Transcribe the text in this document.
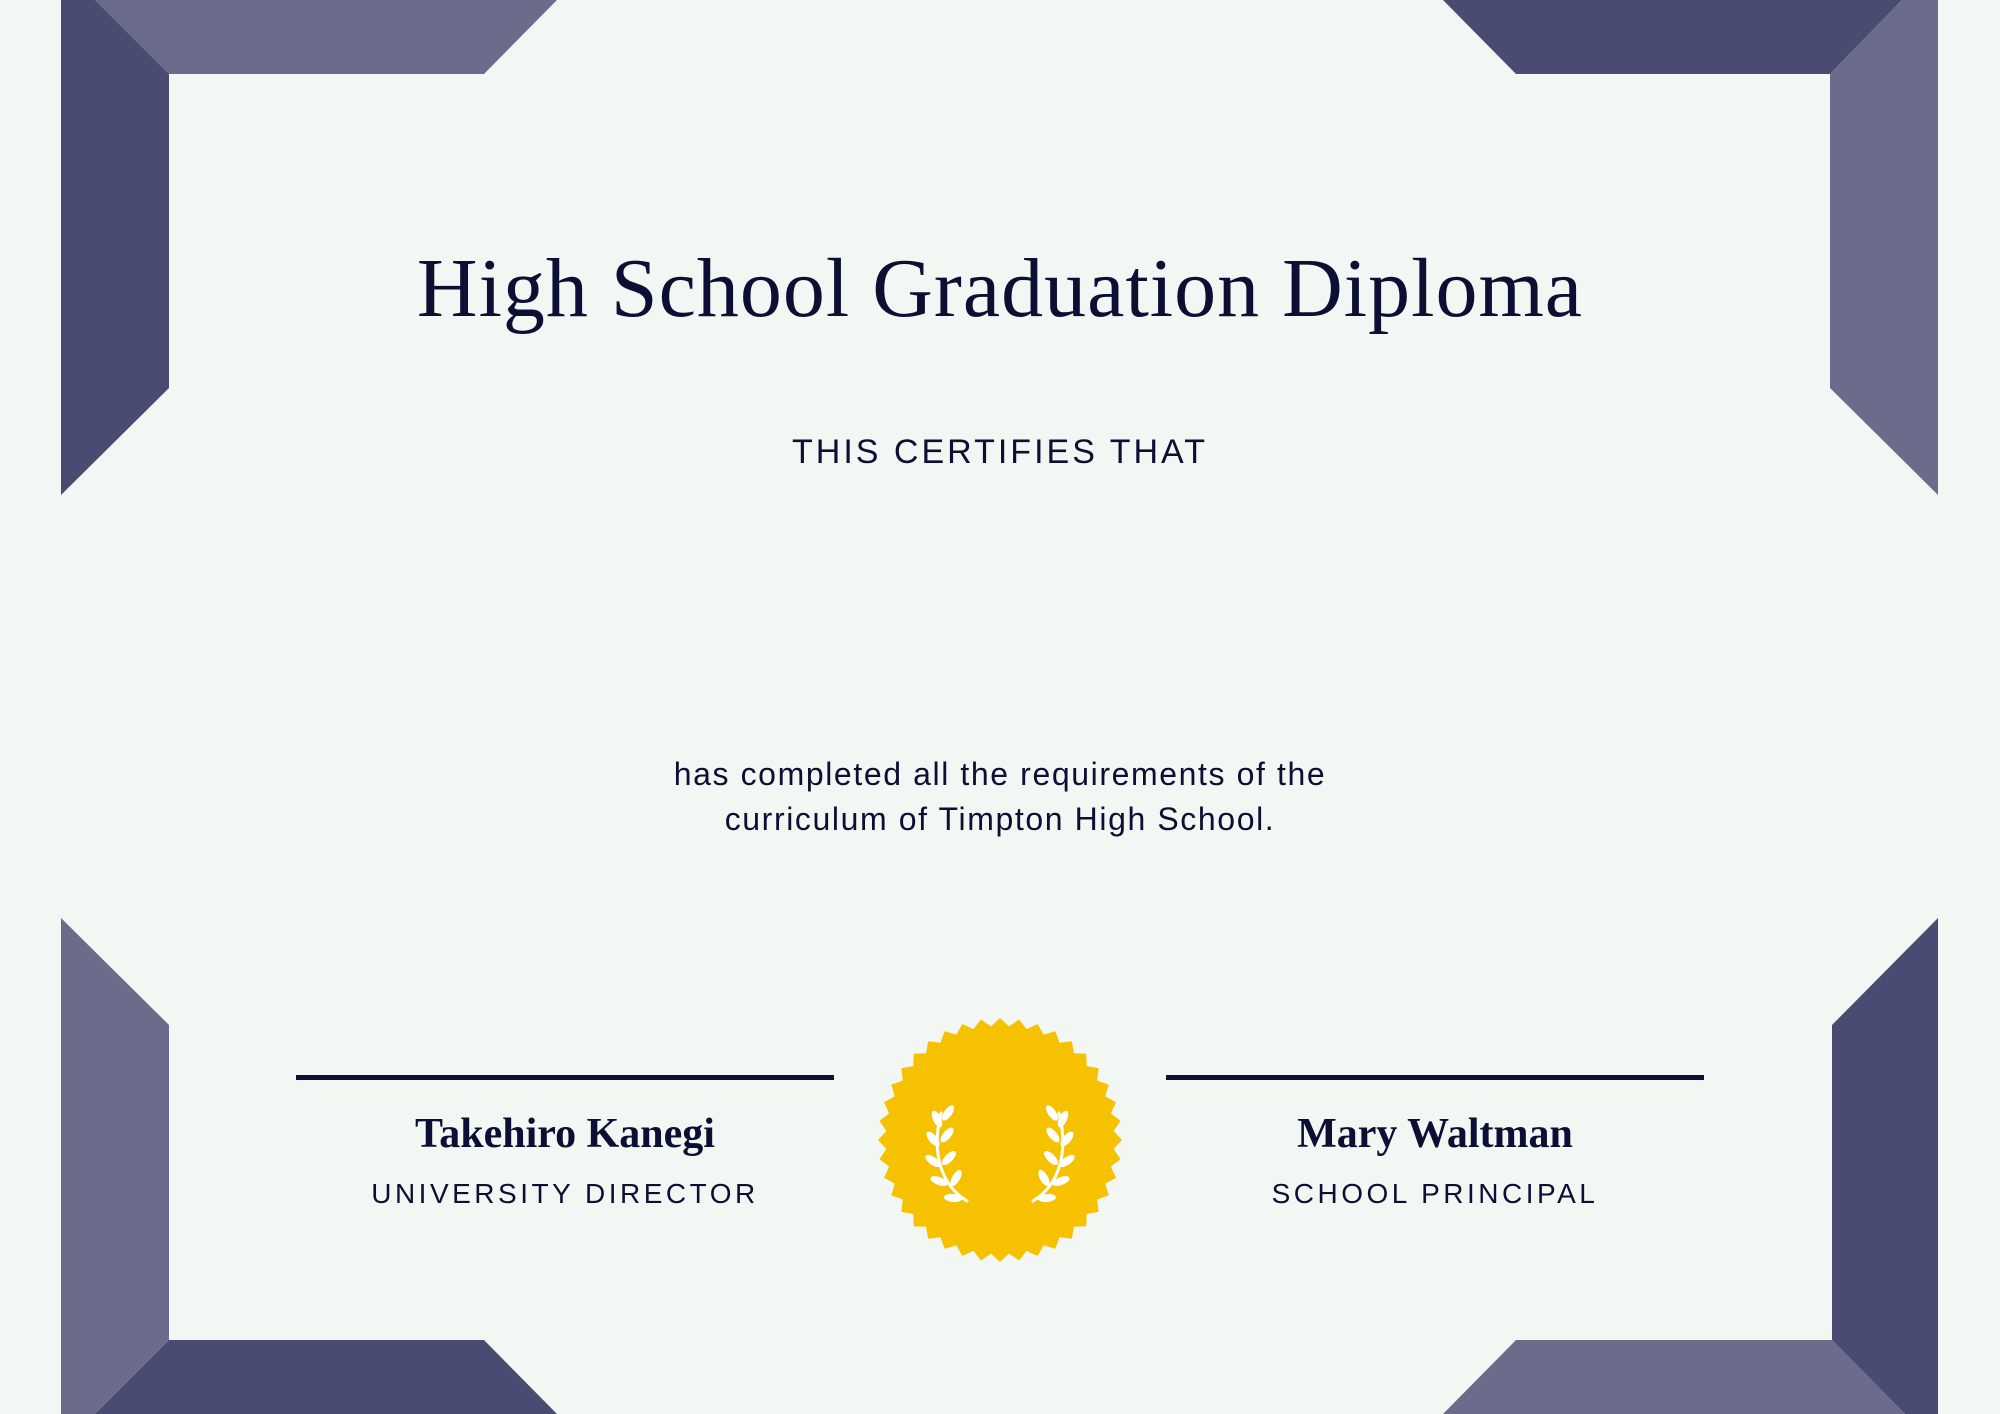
High School Graduation Diploma
THIS CERTIFIES THAT
has completed all the requirements of the
curriculum of Timpton High School.
Takehiro Kanegi
UNIVERSITY DIRECTOR
Mary Waltman
SCHOOL PRINCIPAL
